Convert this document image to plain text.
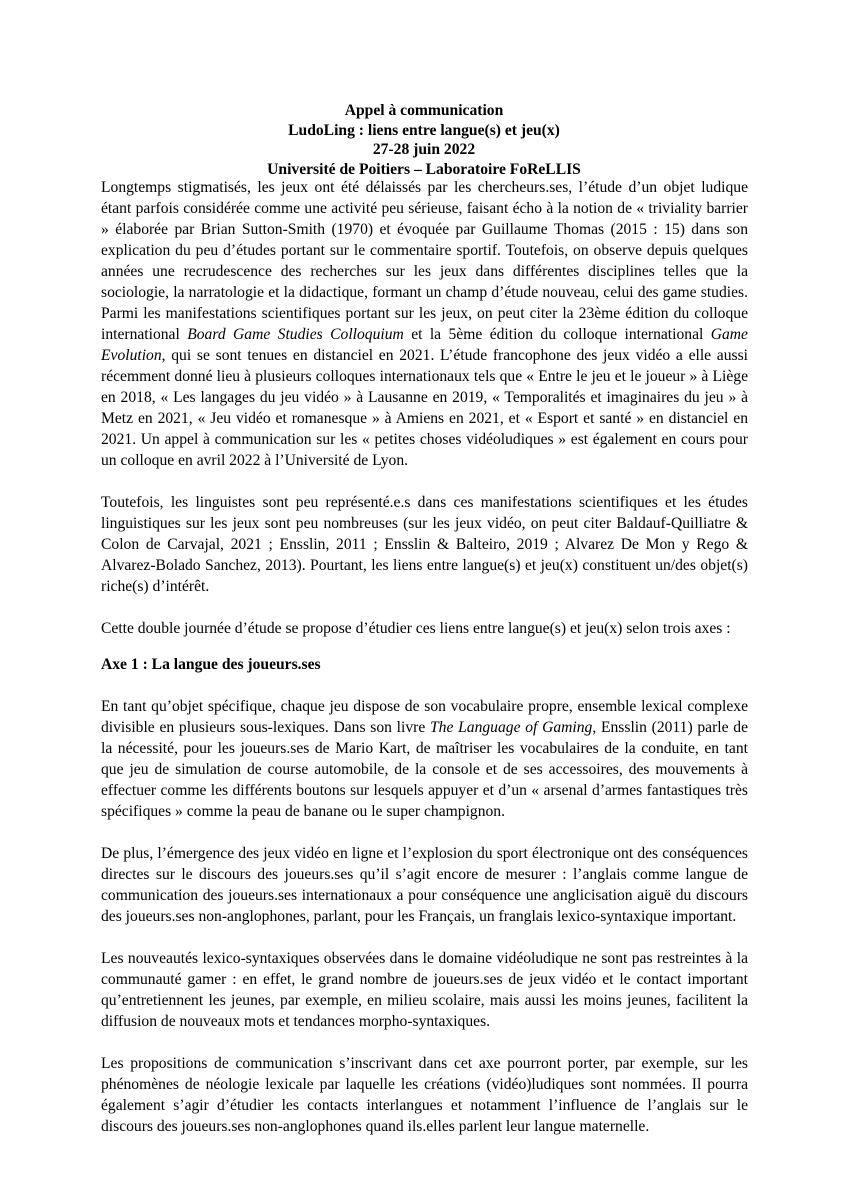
Appel à communication
LudoLing : liens entre langue(s) et jeu(x)
27-28 juin 2022
Université de Poitiers – Laboratoire FoReLLIS

Longtemps stigmatisés, les jeux ont été délaissés par les chercheurs.ses, l’étude d’un objet ludique étant parfois considérée comme une activité peu sérieuse, faisant écho à la notion de « triviality barrier » élaborée par Brian Sutton-Smith (1970) et évoquée par Guillaume Thomas (2015 : 15) dans son explication du peu d’études portant sur le commentaire sportif. Toutefois, on observe depuis quelques années une recrudescence des recherches sur les jeux dans différentes disciplines telles que la sociologie, la narratologie et la didactique, formant un champ d’étude nouveau, celui des game studies. Parmi les manifestations scientifiques portant sur les jeux, on peut citer la 23ème édition du colloque international Board Game Studies Colloquium et la 5ème édition du colloque international Game Evolution, qui se sont tenues en distanciel en 2021. L’étude francophone des jeux vidéo a elle aussi récemment donné lieu à plusieurs colloques internationaux tels que « Entre le jeu et le joueur » à Liège en 2018, « Les langages du jeu vidéo » à Lausanne en 2019, « Temporalités et imaginaires du jeu » à Metz en 2021, « Jeu vidéo et romanesque » à Amiens en 2021, et « Esport et santé » en distanciel en 2021. Un appel à communication sur les « petites choses vidéoludiques » est également en cours pour un colloque en avril 2022 à l’Université de Lyon.

Toutefois, les linguistes sont peu représenté.e.s dans ces manifestations scientifiques et les études linguistiques sur les jeux sont peu nombreuses (sur les jeux vidéo, on peut citer Baldauf-Quilliatre & Colon de Carvajal, 2021 ; Ensslin, 2011 ; Ensslin & Balteiro, 2019 ; Alvarez De Mon y Rego & Alvarez-Bolado Sanchez, 2013). Pourtant, les liens entre langue(s) et jeu(x) constituent un/des objet(s) riche(s) d’intérêt.

Cette double journée d’étude se propose d’étudier ces liens entre langue(s) et jeu(x) selon trois axes :

Axe 1 : La langue des joueurs.ses

En tant qu’objet spécifique, chaque jeu dispose de son vocabulaire propre, ensemble lexical complexe divisible en plusieurs sous-lexiques. Dans son livre The Language of Gaming, Ensslin (2011) parle de la nécessité, pour les joueurs.ses de Mario Kart, de maîtriser les vocabulaires de la conduite, en tant que jeu de simulation de course automobile, de la console et de ses accessoires, des mouvements à effectuer comme les différents boutons sur lesquels appuyer et d’un « arsenal d’armes fantastiques très spécifiques » comme la peau de banane ou le super champignon.

De plus, l’émergence des jeux vidéo en ligne et l’explosion du sport électronique ont des conséquences directes sur le discours des joueurs.ses qu’il s’agit encore de mesurer : l’anglais comme langue de communication des joueurs.ses internationaux a pour conséquence une anglicisation aiguë du discours des joueurs.ses non-anglophones, parlant, pour les Français, un franglais lexico-syntaxique important.

Les nouveautés lexico-syntaxiques observées dans le domaine vidéoludique ne sont pas restreintes à la communauté gamer : en effet, le grand nombre de joueurs.ses de jeux vidéo et le contact important qu’entretiennent les jeunes, par exemple, en milieu scolaire, mais aussi les moins jeunes, facilitent la diffusion de nouveaux mots et tendances morpho-syntaxiques.

Les propositions de communication s’inscrivant dans cet axe pourront porter, par exemple, sur les phénomènes de néologie lexicale par laquelle les créations (vidéo)ludiques sont nommées. Il pourra également s’agir d’étudier les contacts interlangues et notamment l’influence de l’anglais sur le discours des joueurs.ses non-anglophones quand ils.elles parlent leur langue maternelle.
